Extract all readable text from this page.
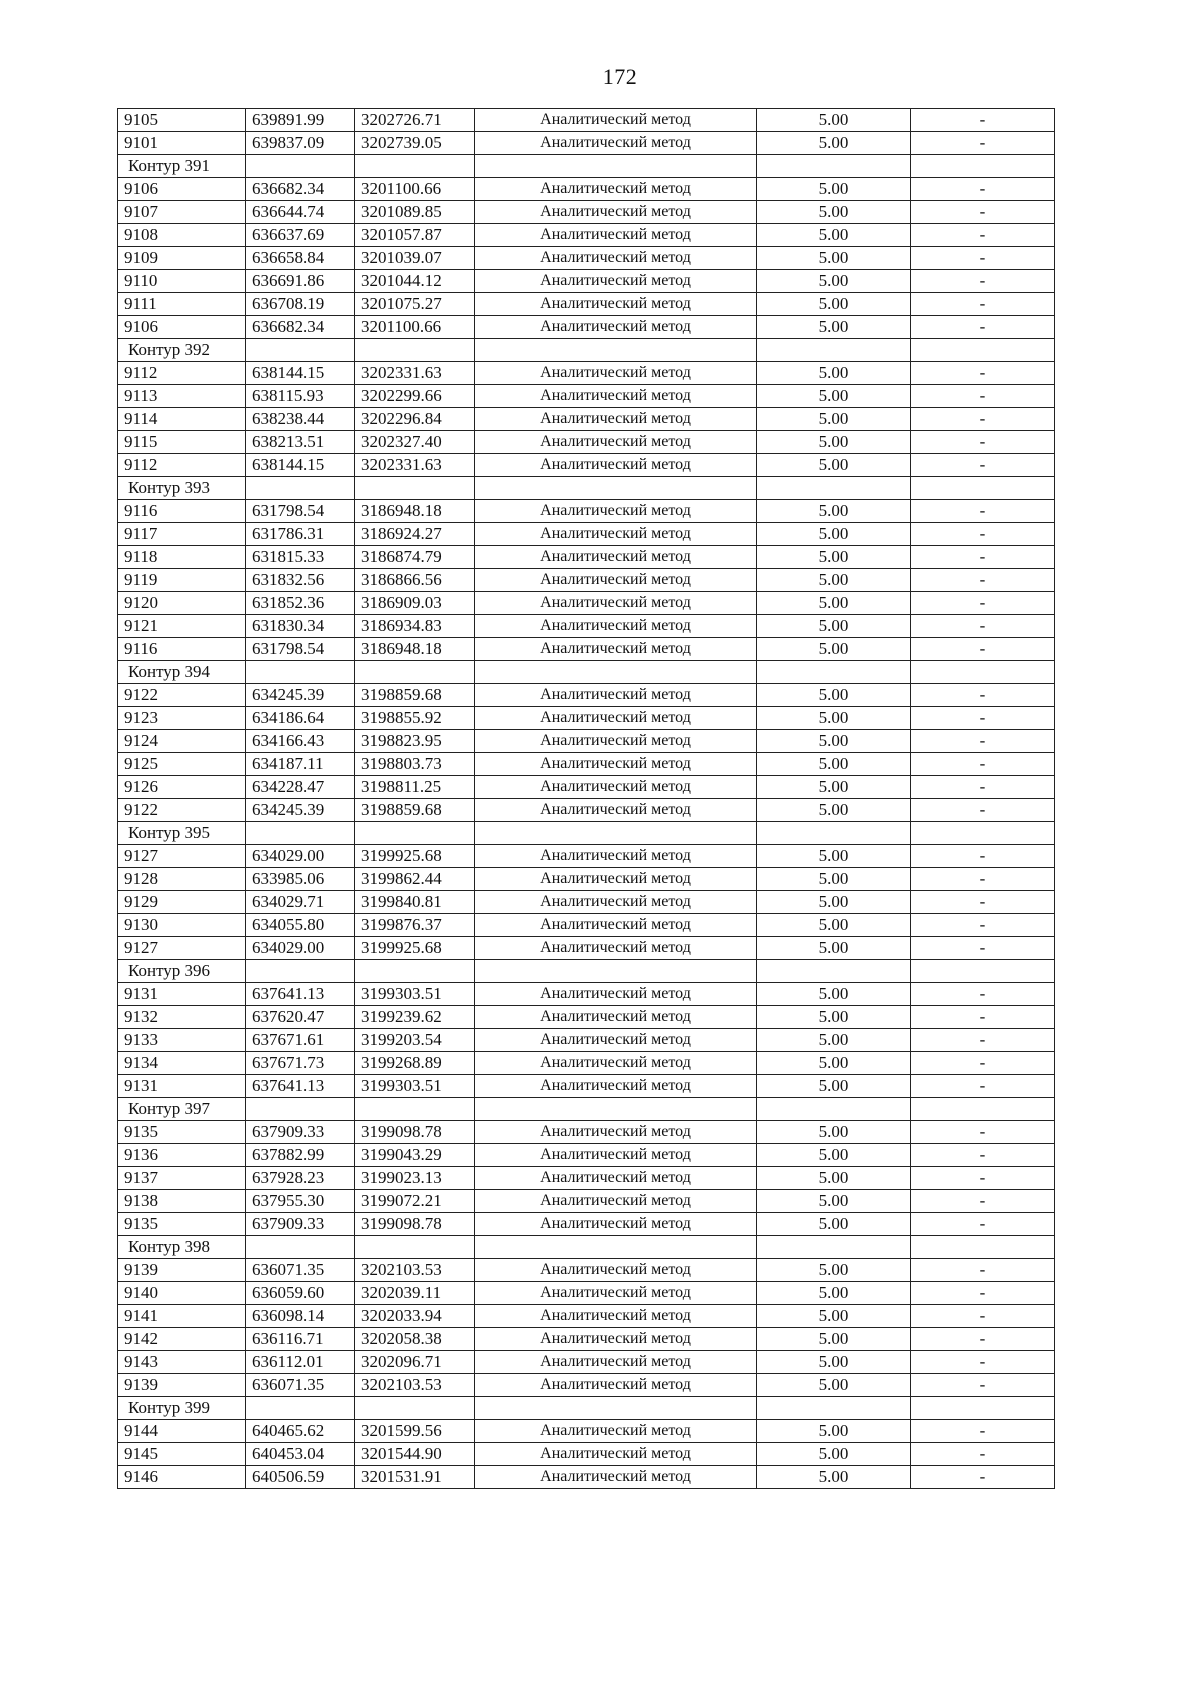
172
9105	639891.99	3202726.71	Аналитический метод	5.00	-
9101	639837.09	3202739.05	Аналитический метод	5.00	-
Контур 391					
9106	636682.34	3201100.66	Аналитический метод	5.00	-
9107	636644.74	3201089.85	Аналитический метод	5.00	-
9108	636637.69	3201057.87	Аналитический метод	5.00	-
9109	636658.84	3201039.07	Аналитический метод	5.00	-
9110	636691.86	3201044.12	Аналитический метод	5.00	-
9111	636708.19	3201075.27	Аналитический метод	5.00	-
9106	636682.34	3201100.66	Аналитический метод	5.00	-
Контур 392					
9112	638144.15	3202331.63	Аналитический метод	5.00	-
9113	638115.93	3202299.66	Аналитический метод	5.00	-
9114	638238.44	3202296.84	Аналитический метод	5.00	-
9115	638213.51	3202327.40	Аналитический метод	5.00	-
9112	638144.15	3202331.63	Аналитический метод	5.00	-
Контур 393					
9116	631798.54	3186948.18	Аналитический метод	5.00	-
9117	631786.31	3186924.27	Аналитический метод	5.00	-
9118	631815.33	3186874.79	Аналитический метод	5.00	-
9119	631832.56	3186866.56	Аналитический метод	5.00	-
9120	631852.36	3186909.03	Аналитический метод	5.00	-
9121	631830.34	3186934.83	Аналитический метод	5.00	-
9116	631798.54	3186948.18	Аналитический метод	5.00	-
Контур 394					
9122	634245.39	3198859.68	Аналитический метод	5.00	-
9123	634186.64	3198855.92	Аналитический метод	5.00	-
9124	634166.43	3198823.95	Аналитический метод	5.00	-
9125	634187.11	3198803.73	Аналитический метод	5.00	-
9126	634228.47	3198811.25	Аналитический метод	5.00	-
9122	634245.39	3198859.68	Аналитический метод	5.00	-
Контур 395					
9127	634029.00	3199925.68	Аналитический метод	5.00	-
9128	633985.06	3199862.44	Аналитический метод	5.00	-
9129	634029.71	3199840.81	Аналитический метод	5.00	-
9130	634055.80	3199876.37	Аналитический метод	5.00	-
9127	634029.00	3199925.68	Аналитический метод	5.00	-
Контур 396					
9131	637641.13	3199303.51	Аналитический метод	5.00	-
9132	637620.47	3199239.62	Аналитический метод	5.00	-
9133	637671.61	3199203.54	Аналитический метод	5.00	-
9134	637671.73	3199268.89	Аналитический метод	5.00	-
9131	637641.13	3199303.51	Аналитический метод	5.00	-
Контур 397					
9135	637909.33	3199098.78	Аналитический метод	5.00	-
9136	637882.99	3199043.29	Аналитический метод	5.00	-
9137	637928.23	3199023.13	Аналитический метод	5.00	-
9138	637955.30	3199072.21	Аналитический метод	5.00	-
9135	637909.33	3199098.78	Аналитический метод	5.00	-
Контур 398					
9139	636071.35	3202103.53	Аналитический метод	5.00	-
9140	636059.60	3202039.11	Аналитический метод	5.00	-
9141	636098.14	3202033.94	Аналитический метод	5.00	-
9142	636116.71	3202058.38	Аналитический метод	5.00	-
9143	636112.01	3202096.71	Аналитический метод	5.00	-
9139	636071.35	3202103.53	Аналитический метод	5.00	-
Контур 399					
9144	640465.62	3201599.56	Аналитический метод	5.00	-
9145	640453.04	3201544.90	Аналитический метод	5.00	-
9146	640506.59	3201531.91	Аналитический метод	5.00	-
